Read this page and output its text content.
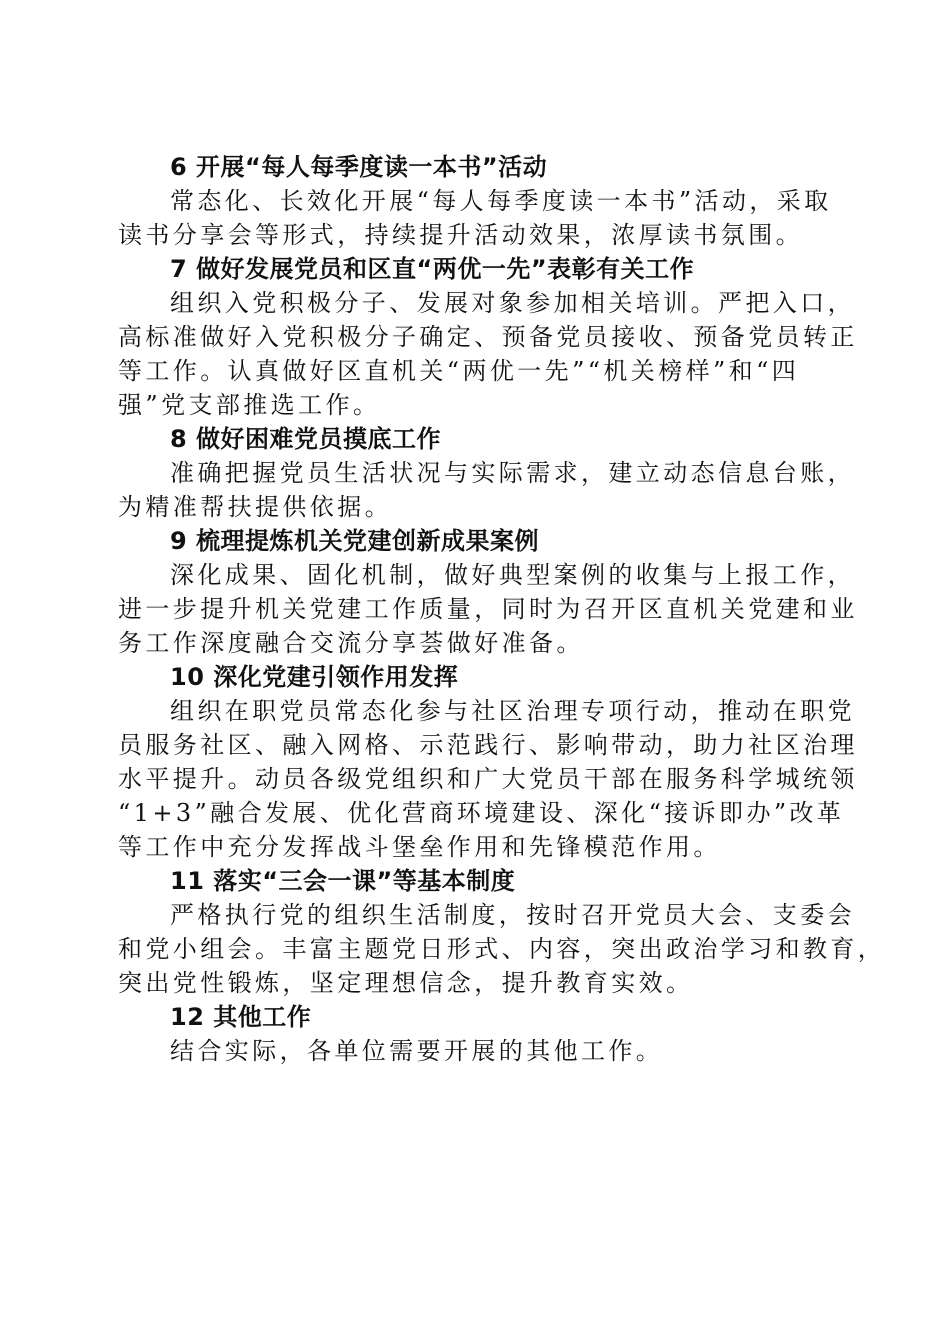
6 开展“每人每季度读一本书”活动

常态化、长效化开展“每人每季度读一本书”活动，采取

读书分享会等形式，持续提升活动效果，浓厚读书氛围。

7 做好发展党员和区直“两优一先”表彰有关工作

组织入党积极分子、发展对象参加相关培训。严把入口，

高标准做好入党积极分子确定、预备党员接收、预备党员转正

等工作。认真做好区直机关“两优一先”“机关榜样”和“四

强”党支部推选工作。

8 做好困难党员摸底工作

准确把握党员生活状况与实际需求，建立动态信息台账，

为精准帮扶提供依据。

9 梳理提炼机关党建创新成果案例

深化成果、固化机制，做好典型案例的收集与上报工作，

进一步提升机关党建工作质量，同时为召开区直机关党建和业

务工作深度融合交流分享荟做好准备。

10 深化党建引领作用发挥

组织在职党员常态化参与社区治理专项行动，推动在职党

员服务社区、融入网格、示范践行、影响带动，助力社区治理

水平提升。动员各级党组织和广大党员干部在服务科学城统领

“1+3”融合发展、优化营商环境建设、深化“接诉即办”改革

等工作中充分发挥战斗堡垒作用和先锋模范作用。

11 落实“三会一课”等基本制度

严格执行党的组织生活制度，按时召开党员大会、支委会

和党小组会。丰富主题党日形式、内容，突出政治学习和教育，

突出党性锻炼，坚定理想信念，提升教育实效。

12 其他工作

结合实际，各单位需要开展的其他工作。
